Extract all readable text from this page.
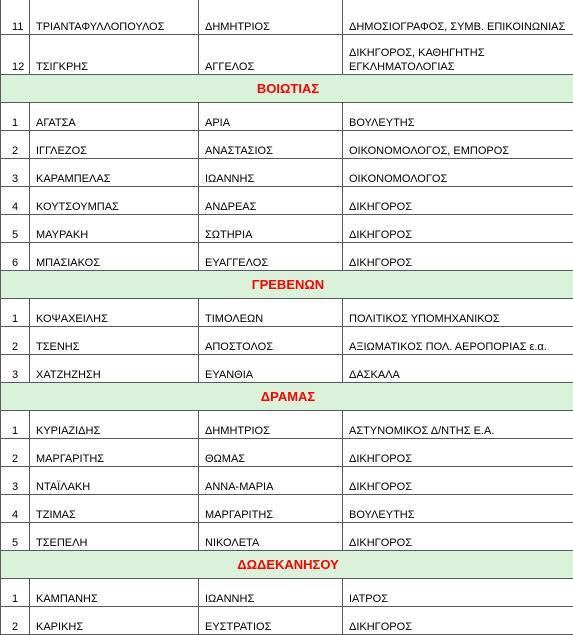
11	ΤΡΙΑΝΤΑΦΥΛΛΟΠΟΥΛΟΣ	ΔΗΜΗΤΡΙΟΣ	ΔΗΜΟΣΙΟΓΡΑΦΟΣ, ΣΥΜΒ. ΕΠΙΚΟΙΝΩΝΙΑΣ
12	ΤΣΙΓΚΡΗΣ	ΑΓΓΕΛΟΣ	ΔΙΚΗΓΟΡΟΣ, ΚΑΘΗΓΗΤΗΣ ΕΓΚΛΗΜΑΤΟΛΟΓΙΑΣ
ΒΟΙΩΤΙΑΣ			
1	ΑΓΑΤΣΑ	ΑΡΙΑ	ΒΟΥΛΕΥΤΗΣ
2	ΙΓΓΛΕΖΟΣ	ΑΝΑΣΤΑΣΙΟΣ	ΟΙΚΟΝΟΜΟΛΟΓΟΣ, ΕΜΠΟΡΟΣ
3	ΚΑΡΑΜΠΕΛΑΣ	ΙΩΑΝΝΗΣ	ΟΙΚΟΝΟΜΟΛΟΓΟΣ
4	ΚΟΥΤΣΟΥΜΠΑΣ	ΑΝΔΡΕΑΣ	ΔΙΚΗΓΟΡΟΣ
5	ΜΑΥΡΑΚΗ	ΣΩΤΗΡΙΑ	ΔΙΚΗΓΟΡΟΣ
6	ΜΠΑΣΙΑΚΟΣ	ΕΥΑΓΓΕΛΟΣ	ΔΙΚΗΓΟΡΟΣ
ΓΡΕΒΕΝΩΝ			
1	ΚΟΨΑΧΕΙΛΗΣ	ΤΙΜΟΛΕΩΝ	ΠΟΛΙΤΙΚΟΣ ΥΠΟΜΗΧΑΝΙΚΟΣ
2	ΤΣΕΝΗΣ	ΑΠΟΣΤΟΛΟΣ	ΑΞΙΩΜΑΤΙΚΟΣ ΠΟΛ. ΑΕΡΟΠΟΡΙΑΣ ε.α.
3	ΧΑΤΖΗΖΗΣΗ	ΕΥΑΝΘΙΑ	ΔΑΣΚΑΛΑ
ΔΡΑΜΑΣ			
1	ΚΥΡΙΑΖΙΔΗΣ	ΔΗΜΗΤΡΙΟΣ	ΑΣΤΥΝΟΜΙΚΟΣ Δ/ΝΤΗΣ Ε.Α.
2	ΜΑΡΓΑΡΙΤΗΣ	ΘΩΜΑΣ	ΔΙΚΗΓΟΡΟΣ
3	ΝΤΑΪΛΑΚΗ	ΑΝΝΑ-ΜΑΡΙΑ	ΔΙΚΗΓΟΡΟΣ
4	ΤΖΙΜΑΣ	ΜΑΡΓΑΡΙΤΗΣ	ΒΟΥΛΕΥΤΗΣ
5	ΤΣΕΠΕΛΗ	ΝΙΚΟΛΕΤΑ	ΔΙΚΗΓΟΡΟΣ
ΔΩΔΕΚΑΝΗΣΟΥ			
1	ΚΑΜΠΑΝΗΣ	ΙΩΑΝΝΗΣ	ΙΑΤΡΟΣ
2	ΚΑΡΙΚΗΣ	ΕΥΣΤΡΑΤΙΟΣ	ΔΙΚΗΓΟΡΟΣ
